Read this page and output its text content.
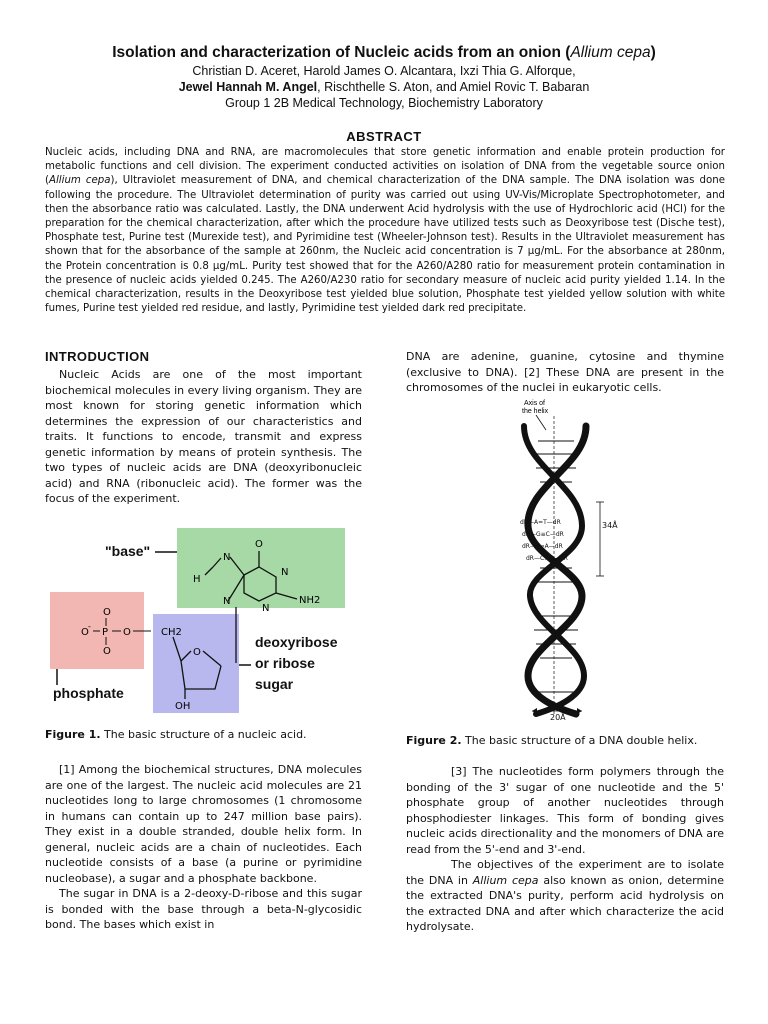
Isolation and characterization of Nucleic acids from an onion (Allium cepa)
Christian D. Aceret, Harold James O. Alcantara, Ixzi Thia G. Alforque,
Jewel Hannah M. Angel, Rischthelle S. Aton, and Amiel Rovic T. Babaran
Group 1 2B Medical Technology, Biochemistry Laboratory
ABSTRACT
Nucleic acids, including DNA and RNA, are macromolecules that store genetic information and enable protein production for metabolic functions and cell division. The experiment conducted activities on isolation of DNA from the vegetable source onion (Allium cepa), Ultraviolet measurement of DNA, and chemical characterization of the DNA sample. The DNA isolation was done following the procedure. The Ultraviolet determination of purity was carried out using UV-Vis/Microplate Spectrophotometer, and then the absorbance ratio was calculated. Lastly, the DNA underwent Acid hydrolysis with the use of Hydrochloric acid (HCl) for the preparation for the chemical characterization, after which the procedure have utilized tests such as Deoxyribose test (Dische test), Phosphate test, Purine test (Murexide test), and Pyrimidine test (Wheeler-Johnson test). Results in the Ultraviolet measurement has shown that for the absorbance of the sample at 260nm, the Nucleic acid concentration is 7 µg/mL. For the absorbance at 280nm, the Protein concentration is 0.8 µg/mL. Purity test showed that for the A260/A280 ratio for measurement protein contamination in the presence of nucleic acids yielded 0.245. The A260/A230 ratio for secondary measure of nucleic acid purity yielded 1.14. In the chemical characterization, results in the Deoxyribose test yielded blue solution, Phosphate test yielded yellow solution with white fumes, Purine test yielded red residue, and lastly, Pyrimidine test yielded dark red precipitate.
INTRODUCTION

Nucleic Acids are one of the most important biochemical molecules in every living organism. They are most known for storing genetic information which determines the expression of our characteristics and traits. It functions to encode, transmit and express genetic information by means of protein synthesis. The two types of nucleic acids are DNA (deoxyribonucleic acid) and RNA (ribonucleic acid). The former was the focus of the experiment.

"base"	O
N
H
N
N
N	NH2
O
O
-
P O
O
phosphate
CH2
O
OH
deoxyribose
or ribose
sugar
Figure 1. The basic structure of a nucleic acid.

[1] Among the biochemical structures, DNA molecules are one of the largest. The nucleic acid molecules are 21 nucleotides long to large chromosomes (1 chromosome in humans can contain up to 247 million base pairs). They exist in a double stranded, double helix form. In general, nucleic acids are a chain of nucleotides. Each nucleotide consists of a base (a purine or pyrimidine nucleobase), a sugar and a phosphate backbone.

The sugar in DNA is a 2-deoxy-D-ribose and this sugar is bonded with the base through a beta-N-glycosidic bond. The bases which exist in

DNA are adenine, guanine, cytosine and thymine (exclusive to DNA). [2] These DNA are present in the chromosomes of the nuclei in eukaryotic cells.

Axis of
the helix
dR—A=T—dR
dR—G≡C—dR
dR—T=A—dR
dR—C≡G—dR
34Å
20Å
Figure 2. The basic structure of a DNA double helix.

[3] The nucleotides form polymers through the bonding of the 3' sugar of one nucleotide and the 5' phosphate group of another nucleotides through phosphodiester linkages. This form of bonding gives nucleic acids directionality and the monomers of DNA are read from the 5'-end and 3'-end.

The objectives of the experiment are to isolate the DNA in Allium cepa also known as onion, determine the extracted DNA's purity, perform acid hydrolysis on the extracted DNA and after which characterize the acid hydrolysate.
